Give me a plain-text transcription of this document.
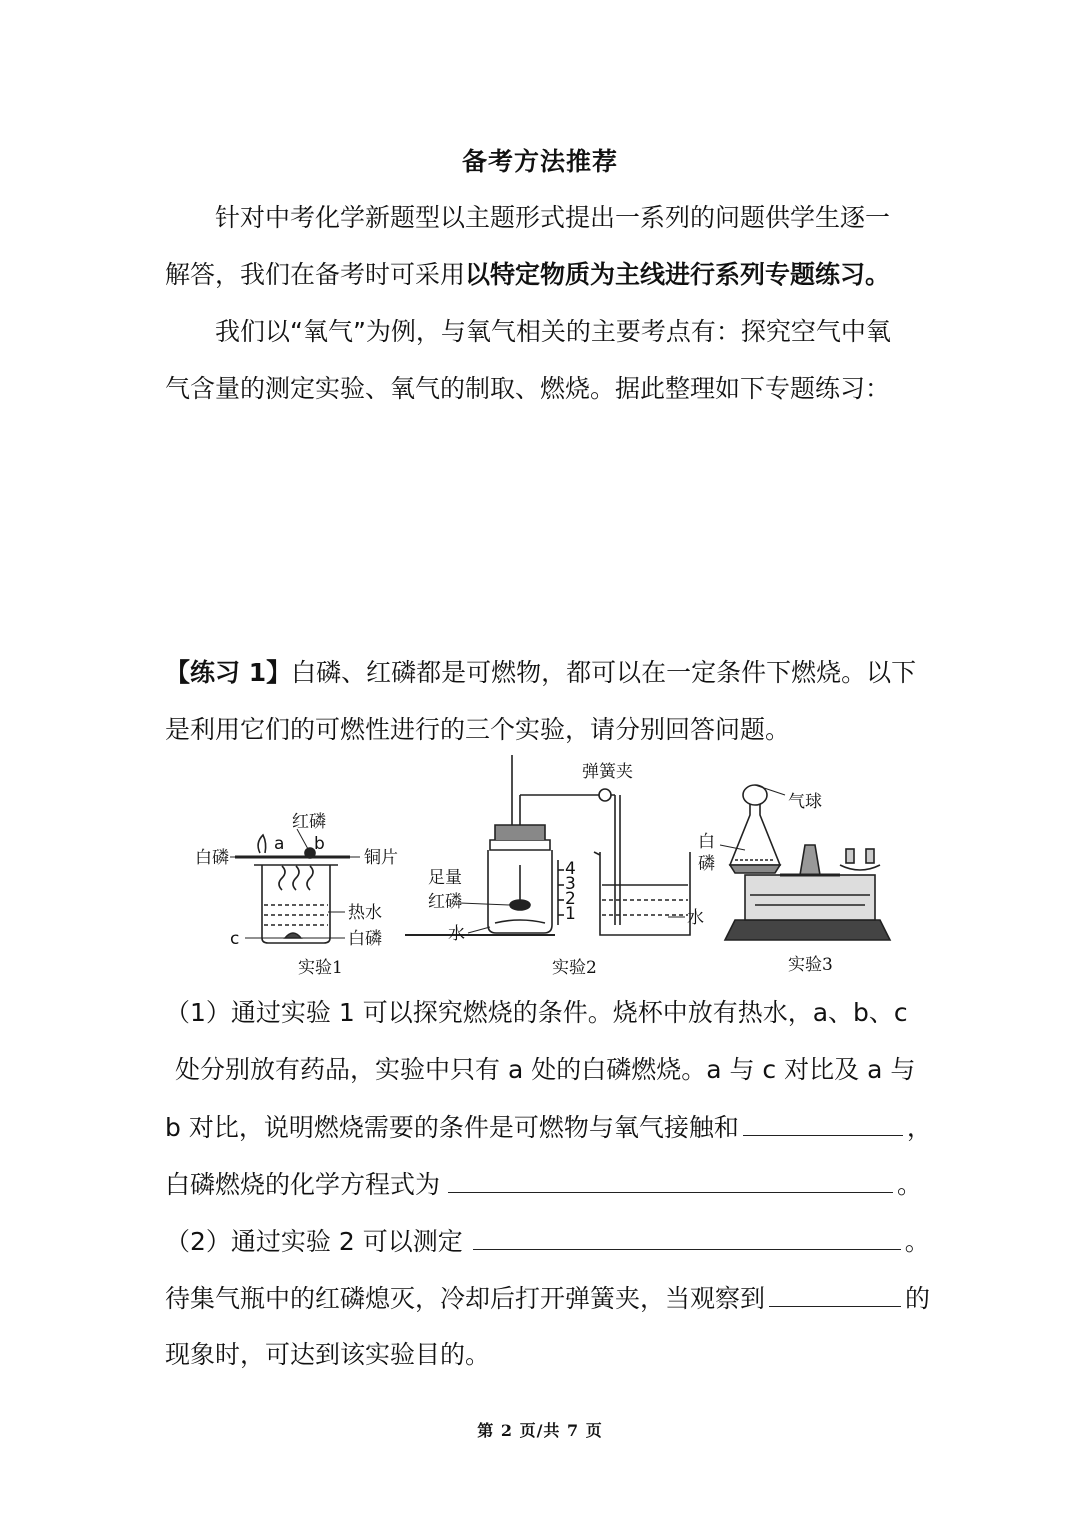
备考方法推荐
针对中考化学新题型以主题形式提出一系列的问题供学生逐一
解答，我们在备考时可采用以特定物质为主线进行系列专题练习。
我们以“氧气”为例，与氧气相关的主要考点有：探究空气中氧
气含量的测定实验、氧气的制取、燃烧。据此整理如下专题练习：
【练习 1】白磷、红磷都是可燃物，都可以在一定条件下燃烧。以下
是利用它们的可燃性进行的三个实验，请分别回答问题。
红磷
白磷
a b
铜片
热水
白磷
c
实验1
弹簧夹
足量
红磷
水
水
4
3
2
1
实验2
气球
白
磷
实验3
（1）通过实验 1 可以探究燃烧的条件。烧杯中放有热水，a、b、c
处分别放有药品，实验中只有 a 处的白磷燃烧。a 与 c 对比及 a 与
b 对比，说明燃烧需要的条件是可燃物与氧气接触和	，
白磷燃烧的化学方程式为	。
（2）通过实验 2 可以测定	。
待集气瓶中的红磷熄灭，冷却后打开弹簧夹，当观察到	的
现象时，可达到该实验目的。
第 2 页/共 7 页
